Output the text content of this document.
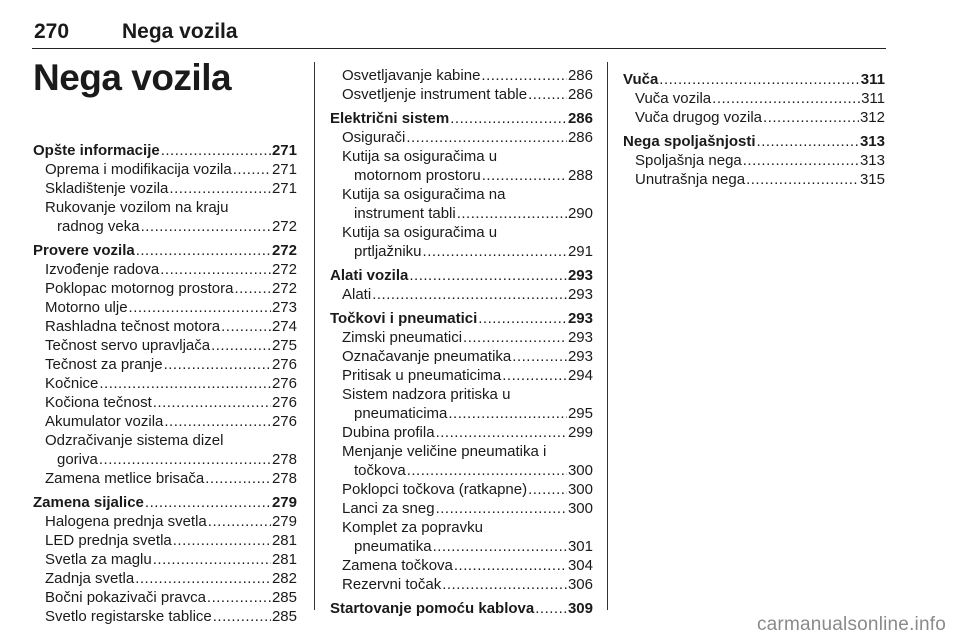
270	Nega vozila
Nega vozila
Opšte informacije .....	271
Oprema i modifikacija vozila .....	271
Skladištenje vozila .....	271
Rukovanje vozilom na kraju
radnog veka .....	272
Provere vozila .....	272
Izvođenje radova .....	272
Poklopac motornog prostora .....	272
Motorno ulje .....	273
Rashladna tečnost motora .....	274
Tečnost servo upravljača .....	275
Tečnost za pranje .....	276
Kočnice .....	276
Kočiona tečnost .....	276
Akumulator vozila .....	276
Odzračivanje sistema dizel
goriva .....	278
Zamena metlice brisača .....	278
Zamena sijalice .....	279
Halogena prednja svetla .....	279
LED prednja svetla .....	281
Svetla za maglu .....	281
Zadnja svetla .....	282
Bočni pokazivači pravca .....	285
Svetlo registarske tablice .....	285
Osvetljavanje kabine .....	286
Osvetljenje instrument table .....	286
Električni sistem .....	286
Osigurači .....	286
Kutija sa osiguračima u
motornom prostoru .....	288
Kutija sa osiguračima na
instrument tabli .....	290
Kutija sa osiguračima u
prtljažniku .....	291
Alati vozila .....	293
Alati .....	293
Točkovi i pneumatici .....	293
Zimski pneumatici .....	293
Označavanje pneumatika .....	293
Pritisak u pneumaticima .....	294
Sistem nadzora pritiska u
pneumaticima .....	295
Dubina profila .....	299
Menjanje veličine pneumatika i
točkova .....	300
Poklopci točkova (ratkapne) .....	300
Lanci za sneg .....	300
Komplet za popravku
pneumatika .....	301
Zamena točkova .....	304
Rezervni točak .....	306
Startovanje pomoću kablova ..... 309
Vuča .....	311
Vuča vozila .....	311
Vuča drugog vozila .....	312
Nega spoljašnjosti .....	313
Spoljašnja nega .....	313
Unutrašnja nega .....	315
carmanualsonline.info
